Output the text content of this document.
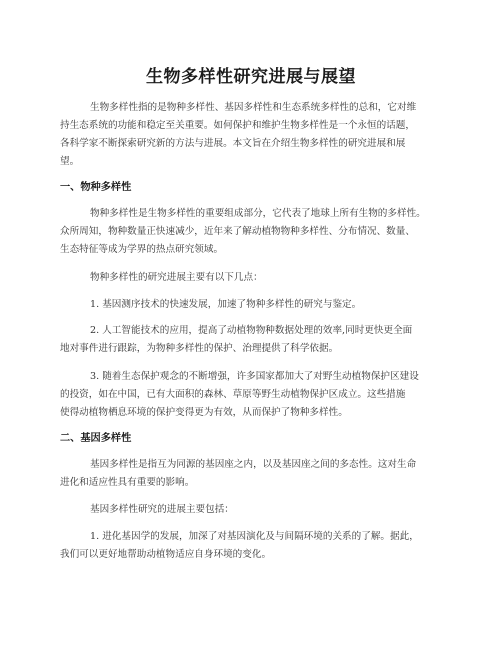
生物多样性研究进展与展望

生物多样性指的是物种多样性、基因多样性和生态系统多样性的总和，它对维

持生态系统的功能和稳定至关重要。如何保护和维护生物多样性是一个永恒的话题，

各科学家不断探索研究新的方法与进展。本文旨在介绍生物多样性的研究进展和展

望。

一、物种多样性

物种多样性是生物多样性的重要组成部分，它代表了地球上所有生物的多样性。

众所周知，物种数量正快速减少，近年来了解动植物物种多样性、分布情况、数量、

生态特征等成为学界的热点研究领域。

物种多样性的研究进展主要有以下几点：

1. 基因测序技术的快速发展，加速了物种多样性的研究与鉴定。

2. 人工智能技术的应用，提高了动植物物种数据处理的效率,同时更快更全面

地对事件进行跟踪，为物种多样性的保护、治理提供了科学依据。

3. 随着生态保护观念的不断增强，许多国家都加大了对野生动植物保护区建设

的投资，如在中国，已有大面积的森林、草原等野生动植物保护区成立。这些措施

使得动植物栖息环境的保护变得更为有效，从而保护了物种多样性。

二、基因多样性

基因多样性是指互为同源的基因座之内，以及基因座之间的多态性。这对生命

进化和适应性具有重要的影响。

基因多样性研究的进展主要包括：

1. 进化基因学的发展，加深了对基因演化及与间隔环境的关系的了解。据此，

我们可以更好地帮助动植物适应自身环境的变化。
